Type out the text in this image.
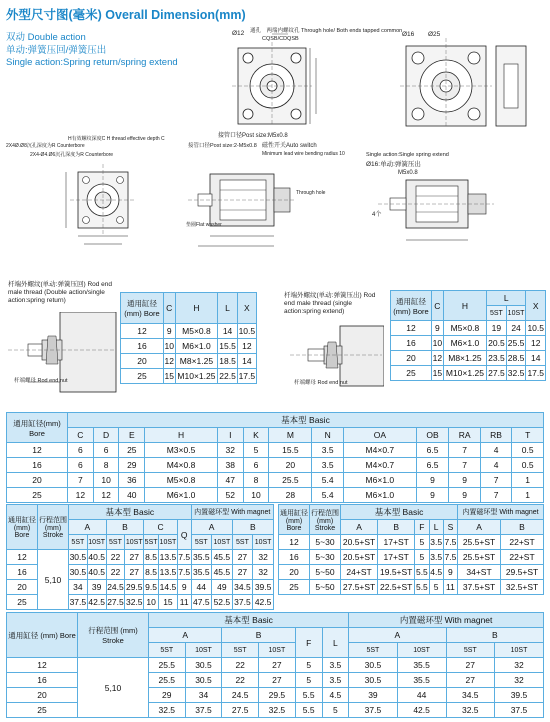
外型尺寸图(毫米) Overall Dimension(mm)
双动 Double action
单动:弹簧压回/弹簧压出
Single action:Spring return/spring extend
Ø12 通孔　两端内螺纹孔 Through hole/ Both ends tapped common
CQSB/CDQSB
Ø16 Ø25
2X4Ø.Ø8沉孔深度为R Counterbore
H有效螺纹深度C H thread effective depth C
2X4-Ø4.Ø6沉孔深度为R Counterbore
接管口径Post size:M5x0.8
接管口径Post size:2-M5x0.8 磁性开关Auto switch
Minimum lead wire bending radius 10
Through hole
垫圈Flat washer
Single action:Single spring extend
Ø16:单动:弹簧压出
M5x0.8
4个
杆端外螺纹(单动:弹簧压回) Rod end male thread (Double action/single action:spring return)
杆端螺母 Rod end nut
杆端外螺纹(单动:弹簧压出) Rod end male thread (single action:spring extend)
杆端螺母 Rod end nut
通用缸径 (mm) Bore	C	H	L	X
12	9	M5×0.8	14	10.5
16	10	M6×1.0	15.5	12
20	12	M8×1.25	18.5	14
25	15	M10×1.25	22.5	17.5
通用缸径 (mm) Bore	C	H	L		X
			5ST	10ST	
12	9	M5×0.8	19	24	10.5
16	10	M6×1.0	20.5	25.5	12
20	12	M8×1.25	23.5	28.5	14
25	15	M10×1.25	27.5	32.5	17.5
通用缸径(mm) Bore	基本型 Basic												
	C	D	E	H	I	K	M	N	OA	OB	RA	RB	T
12	6	6	25	M3×0.5	32	5	15.5	3.5	M4×0.7	6.5	7	4	0.5
16	6	8	29	M4×0.8	38	6	20	3.5	M4×0.7	6.5	7	4	0.5
20	7	10	36	M5×0.8	47	8	25.5	5.4	M6×1.0	9	9	7	1
25	12	12	40	M6×1.0	52	10	28	5.4	M6×1.0	9	9	7	1
通用缸径 (mm) Bore	行程范围 (mm) Stroke	基本型 Basic							内置磁环型 With magnet			
		A		B		C		Q	A		B	
		5ST	10ST	5ST	10ST	5ST	10ST		5ST	10ST	5ST	10ST
12	5,10	30.5	40.5	22	27	8.5	13.5	7.5	35.5	45.5	27	32
16		30.5	40.5	22	27	8.5	13.5	7.5	35.5	45.5	27	32
20		34	39	24.5	29.5	9.5	14.5	9	44	49	34.5	39.5
25		37.5	42.5	27.5	32.5	10	15	11	47.5	52.5	37.5	42.5
通用缸径 (mm) Bore	行程范围 (mm) Stroke	基本型 Basic					内置磁环型 With magnet	
		A	B	F	L	S	A	B
12	5~30	20.5+ST	17+ST	5	3.5	7.5	25.5+ST	22+ST
16	5~30	20.5+ST	17+ST	5	3.5	7.5	25.5+ST	22+ST
20	5~50	24+ST	19.5+ST	5.5	4.5	9	34+ST	29.5+ST
25	5~50	27.5+ST	22.5+ST	5.5	5	11	37.5+ST	32.5+ST
通用缸径 (mm) Bore	行程范围 (mm) Stroke	基本型 Basic						内置磁环型 With magnet			
		A		B		F	L	A		B	
		5ST	10ST	5ST	10ST			5ST	10ST	5ST	10ST
12	5,10	25.5	30.5	22	27	5	3.5	30.5	35.5	27	32
16		25.5	30.5	22	27	5	3.5	30.5	35.5	27	32
20		29	34	24.5	29.5	5.5	4.5	39	44	34.5	39.5
25		32.5	37.5	27.5	32.5	5.5	5	37.5	42.5	32.5	37.5
